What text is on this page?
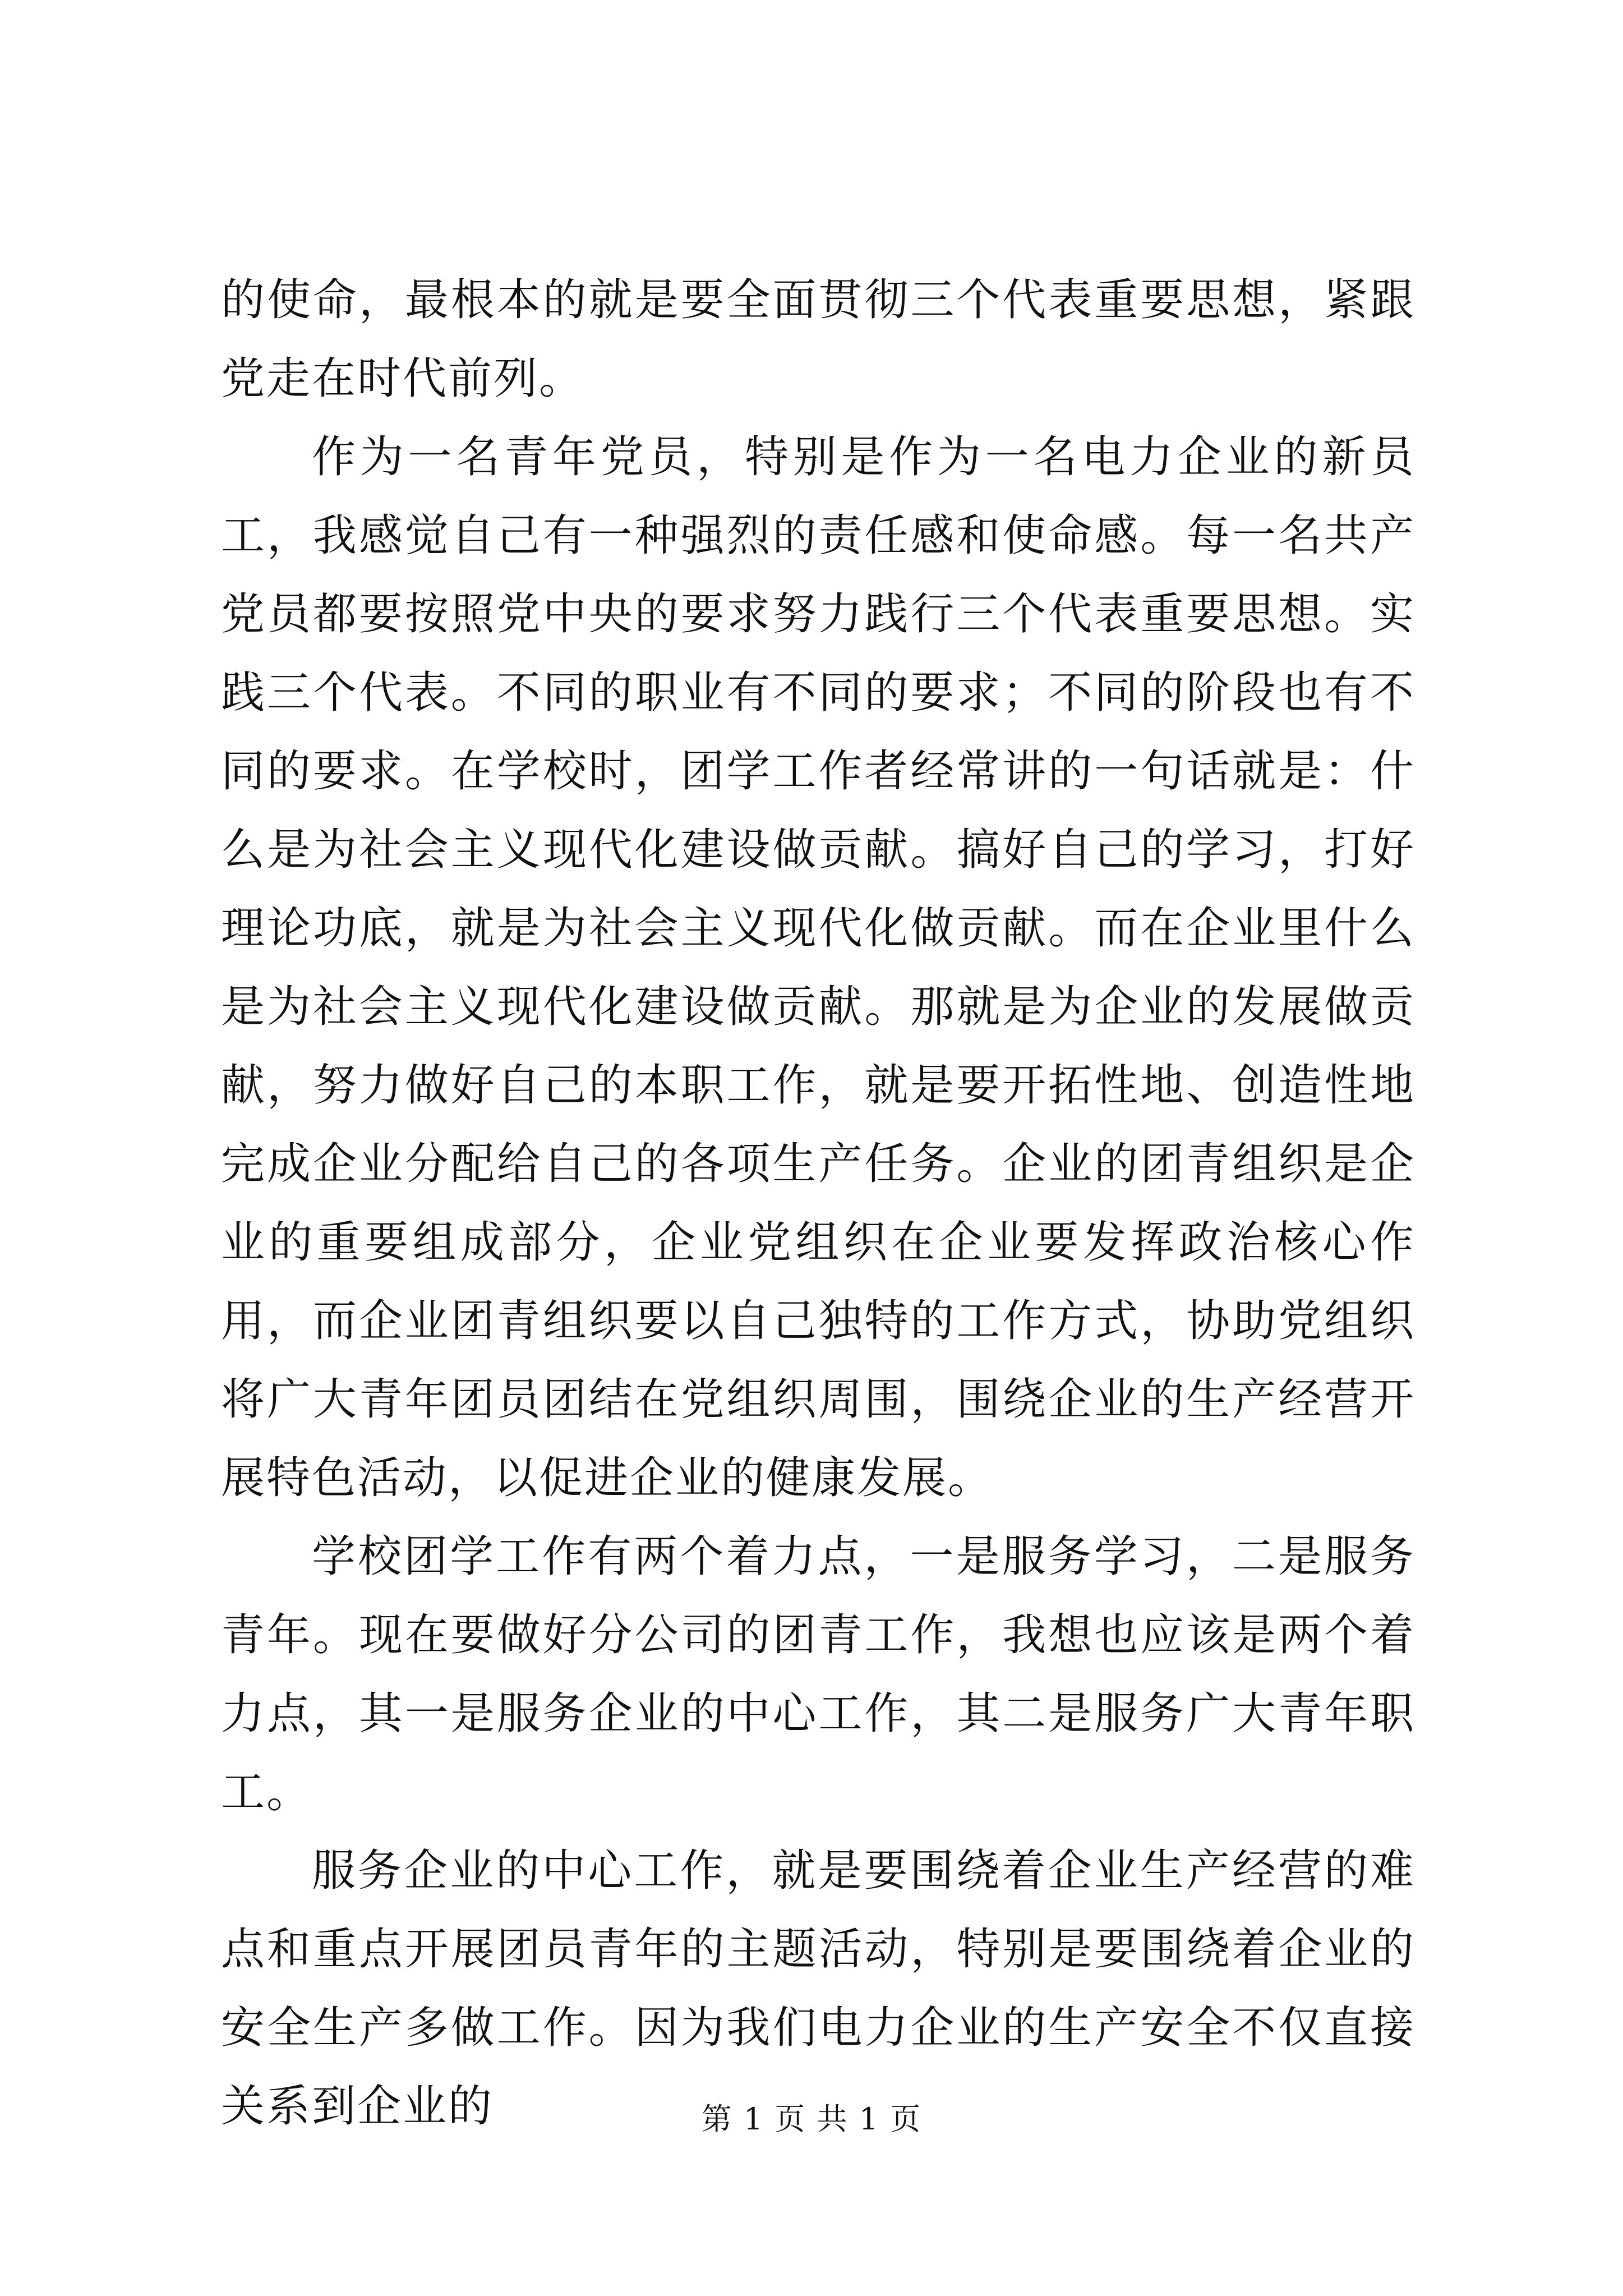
的使命，最根本的就是要全面贯彻三个代表重要思想，紧跟党走在时代前列。

作为一名青年党员，特别是作为一名电力企业的新员工，我感觉自己有一种强烈的责任感和使命感。每一名共产党员都要按照党中央的要求努力践行三个代表重要思想。实践三个代表。不同的职业有不同的要求；不同的阶段也有不同的要求。在学校时，团学工作者经常讲的一句话就是：什么是为社会主义现代化建设做贡献。搞好自己的学习，打好理论功底，就是为社会主义现代化做贡献。而在企业里什么是为社会主义现代化建设做贡献。那就是为企业的发展做贡献，努力做好自己的本职工作，就是要开拓性地、创造性地完成企业分配给自己的各项生产任务。企业的团青组织是企业的重要组成部分，企业党组织在企业要发挥政治核心作用，而企业团青组织要以自己独特的工作方式，协助党组织将广大青年团员团结在党组织周围，围绕企业的生产经营开展特色活动，以促进企业的健康发展。

学校团学工作有两个着力点，一是服务学习，二是服务青年。现在要做好分公司的团青工作，我想也应该是两个着力点，其一是服务企业的中心工作，其二是服务广大青年职工。

服务企业的中心工作，就是要围绕着企业生产经营的难点和重点开展团员青年的主题活动，特别是要围绕着企业的安全生产多做工作。因为我们电力企业的生产安全不仅直接关系到企业的	第 1 页 共 1 页
